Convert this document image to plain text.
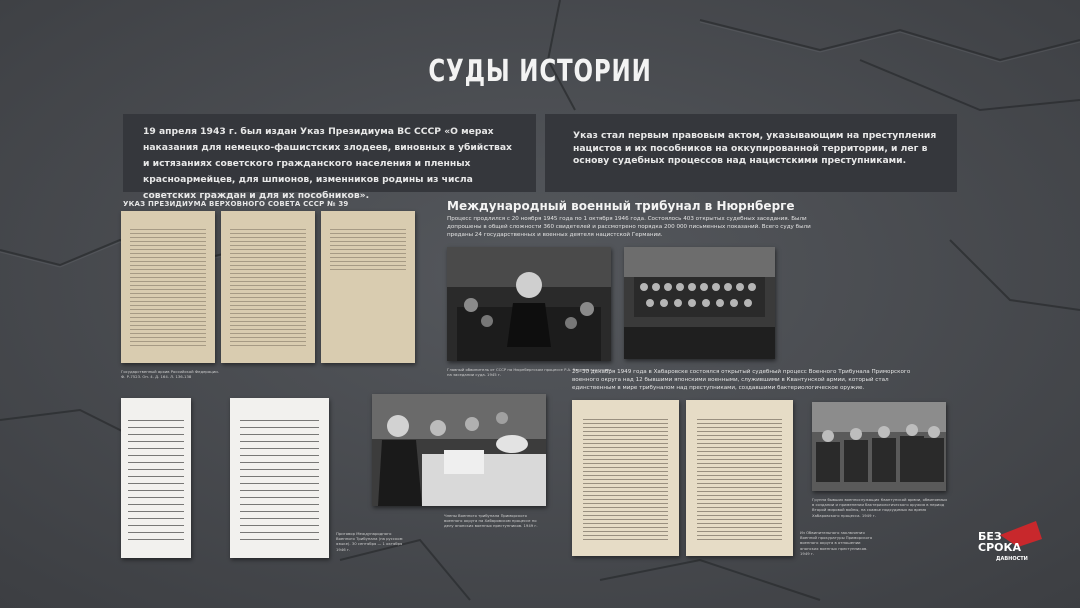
СУДЫ ИСТОРИИ
19 апреля 1943 г. был издан Указ Президиума ВС СССР «О мерах наказания для немецко-фашистских злодеев, виновных в убийствах и истязаниях советского гражданского населения и пленных красноармейцев, для шпионов, изменников родины из числа советских граждан и для их пособников».
Указ стал первым правовым актом, указывающим на преступления нацистов и их пособников на оккупированной территории, и лег в основу судебных процессов над нацистскими преступниками.
УКАЗ ПРЕЗИДИУМА ВЕРХОВНОГО СОВЕТА СССР № 39
Государственный архив Российской Федерации. Ф. Р-7523. Оп. 4. Д. 164. Л. 136-138
Международный военный трибунал в Нюрнберге
Процесс продлился с 20 ноября 1945 года по 1 октября 1946 года. Состоялось 403 открытых судебных заседания. Были допрошены в общей сложности 360 свидетелей и рассмотрено порядка 200 000 письменных показаний. Всего суду были преданы 24 государственных и военных деятеля нацистской Германии.
Главный обвинитель от СССР на Нюрнбергском процессе Р.А. Руденко выступает на заседании суда. 1945 г.	25–30 декабря 1949 года в Хабаровске состоялся открытый судебный процесс Военного Трибунала Приморского военного округа над 12 бывшими японскими военными, служившими в Квантунской армии, который стал единственным в мире трибуналом над преступниками, создавшими бактериологическое оружие.
Приговор Международного Военного Трибунала (на русском языке). 30 сентября — 1 октября 1946 г.
Члены Военного трибунала Приморского военного округа на Хабаровском процессе по делу японских военных преступников. 1949 г.
Из Обвинительного заключения Военной прокуратуры Приморского военного округа в отношении японских военных преступников. 1949 г.
Группа бывших военнослужащих Квантунской армии, обвиняемых в создании и применении бактериологического оружия в период Второй мировой войны, на скамье подсудимых во время Хабаровского процесса. 1949 г.
БЕЗ
СРОКА
ДАВНОСТИ
